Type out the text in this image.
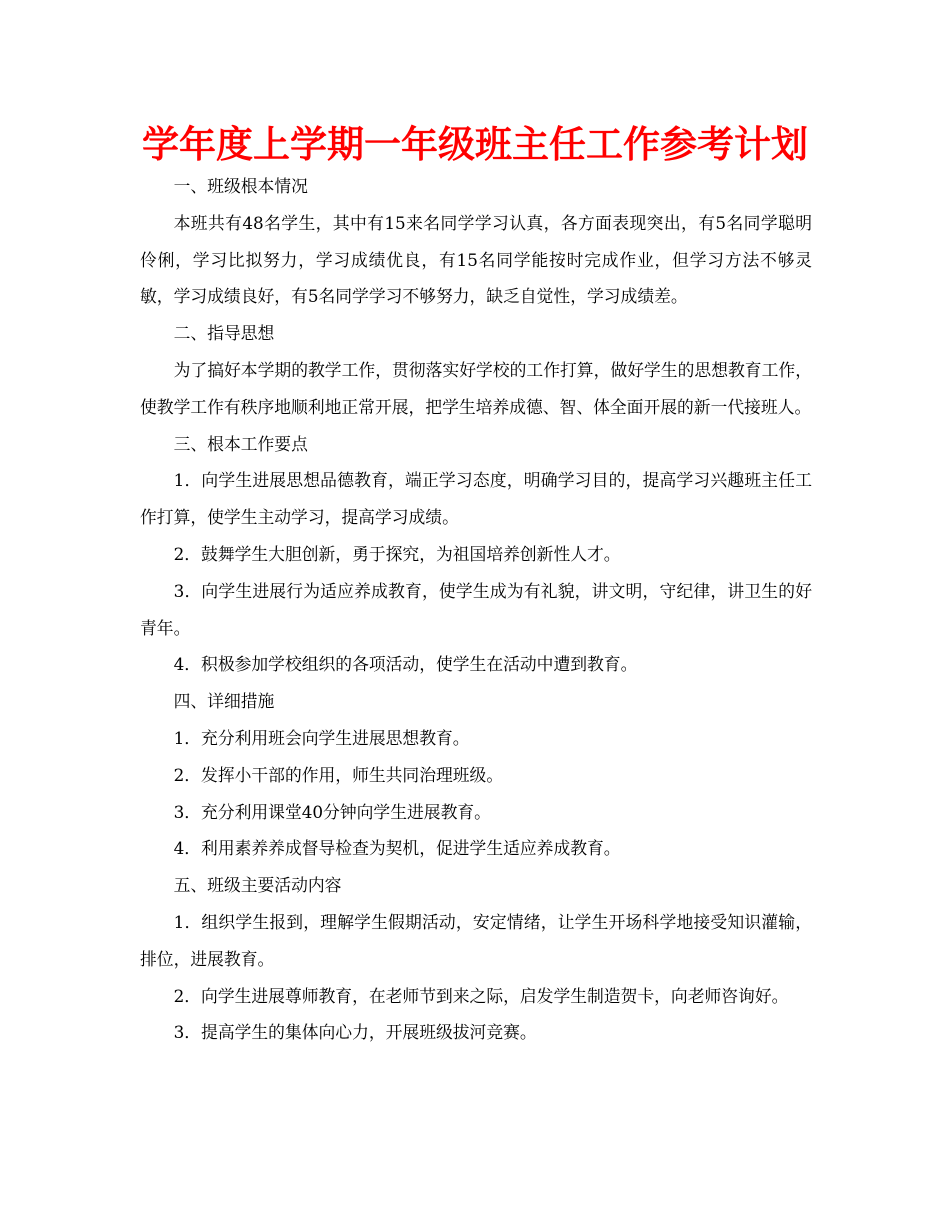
学年度上学期一年级班主任工作参考计划

一、班级根本情况

本班共有48名学生，其中有15来名同学学习认真，各方面表现突出，有5名同学聪明伶俐，学习比拟努力，学习成绩优良，有15名同学能按时完成作业，但学习方法不够灵敏，学习成绩良好，有5名同学学习不够努力，缺乏自觉性，学习成绩差。

二、指导思想

为了搞好本学期的教学工作，贯彻落实好学校的工作打算，做好学生的思想教育工作，使教学工作有秩序地顺利地正常开展，把学生培养成德、智、体全面开展的新一代接班人。

三、根本工作要点

1．向学生进展思想品德教育，端正学习态度，明确学习目的，提高学习兴趣班主任工作打算，使学生主动学习，提高学习成绩。

2．鼓舞学生大胆创新，勇于探究，为祖国培养创新性人才。

3．向学生进展行为适应养成教育，使学生成为有礼貌，讲文明，守纪律，讲卫生的好青年。

4．积极参加学校组织的各项活动，使学生在活动中遭到教育。

四、详细措施

1．充分利用班会向学生进展思想教育。

2．发挥小干部的作用，师生共同治理班级。

3．充分利用课堂40分钟向学生进展教育。

4．利用素养养成督导检查为契机，促进学生适应养成教育。

五、班级主要活动内容

1．组织学生报到，理解学生假期活动，安定情绪，让学生开场科学地接受知识灌输，排位，进展教育。

2．向学生进展尊师教育，在老师节到来之际，启发学生制造贺卡，向老师咨询好。

3．提高学生的集体向心力，开展班级拔河竞赛。
